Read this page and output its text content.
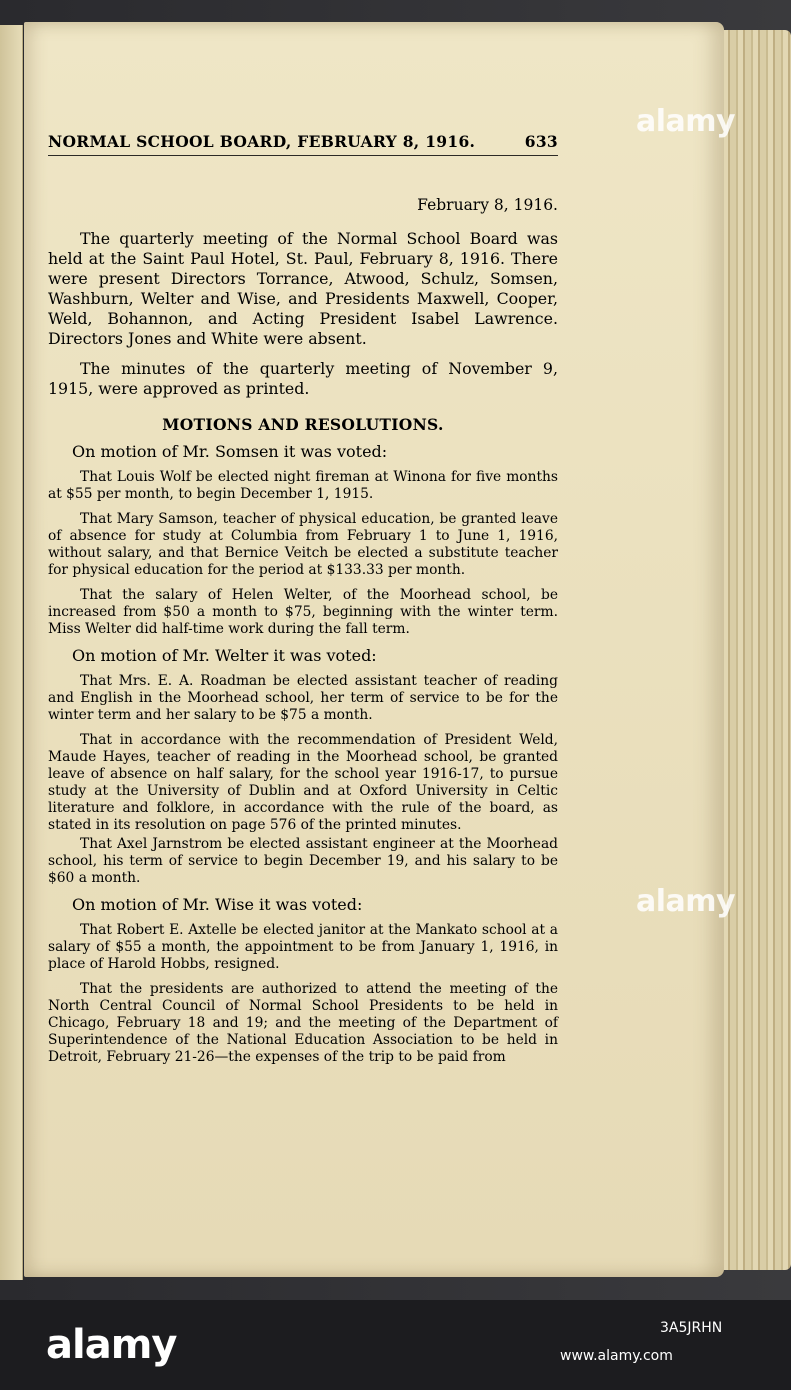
NORMAL SCHOOL BOARD, FEBRUARY 8, 1916.	633
February 8, 1916.

The quarterly meeting of the Normal School Board was held at the Saint Paul Hotel, St. Paul, February 8, 1916. There were present Directors Torrance, Atwood, Schulz, Somsen, Washburn, Welter and Wise, and Presidents Maxwell, Cooper, Weld, Bohannon, and Acting President Isabel Lawrence. Directors Jones and White were absent.

The minutes of the quarterly meeting of November 9, 1915, were approved as printed.

MOTIONS AND RESOLUTIONS.
On motion of Mr. Somsen it was voted:

That Louis Wolf be elected night fireman at Winona for five months at $55 per month, to begin December 1, 1915.

That Mary Samson, teacher of physical education, be granted leave of absence for study at Columbia from February 1 to June 1, 1916, without salary, and that Bernice Veitch be elected a substitute teacher for physical education for the period at $133.33 per month.

That the salary of Helen Welter, of the Moorhead school, be increased from $50 a month to $75, beginning with the winter term. Miss Welter did half-time work during the fall term.

On motion of Mr. Welter it was voted:

That Mrs. E. A. Roadman be elected assistant teacher of reading and English in the Moorhead school, her term of service to be for the winter term and her salary to be $75 a month.

That in accordance with the recommendation of President Weld, Maude Hayes, teacher of reading in the Moorhead school, be granted leave of absence on half salary, for the school year 1916-17, to pursue study at the University of Dublin and at Oxford University in Celtic literature and folklore, in accordance with the rule of the board, as stated in its resolution on page 576 of the printed minutes.

That Axel Jarnstrom be elected assistant engineer at the Moorhead school, his term of service to begin December 19, and his salary to be $60 a month.

On motion of Mr. Wise it was voted:

That Robert E. Axtelle be elected janitor at the Mankato school at a salary of $55 a month, the appointment to be from January 1, 1916, in place of Harold Hobbs, resigned.

That the presidents are authorized to attend the meeting of the North Central Council of Normal School Presidents to be held in Chicago, February 18 and 19; and the meeting of the Department of Superintendence of the National Education Association to be held in Detroit, February 21-26—the expenses of the trip to be paid from

alamy
alamy
alamy	3A5JRHN
www.alamy.com
